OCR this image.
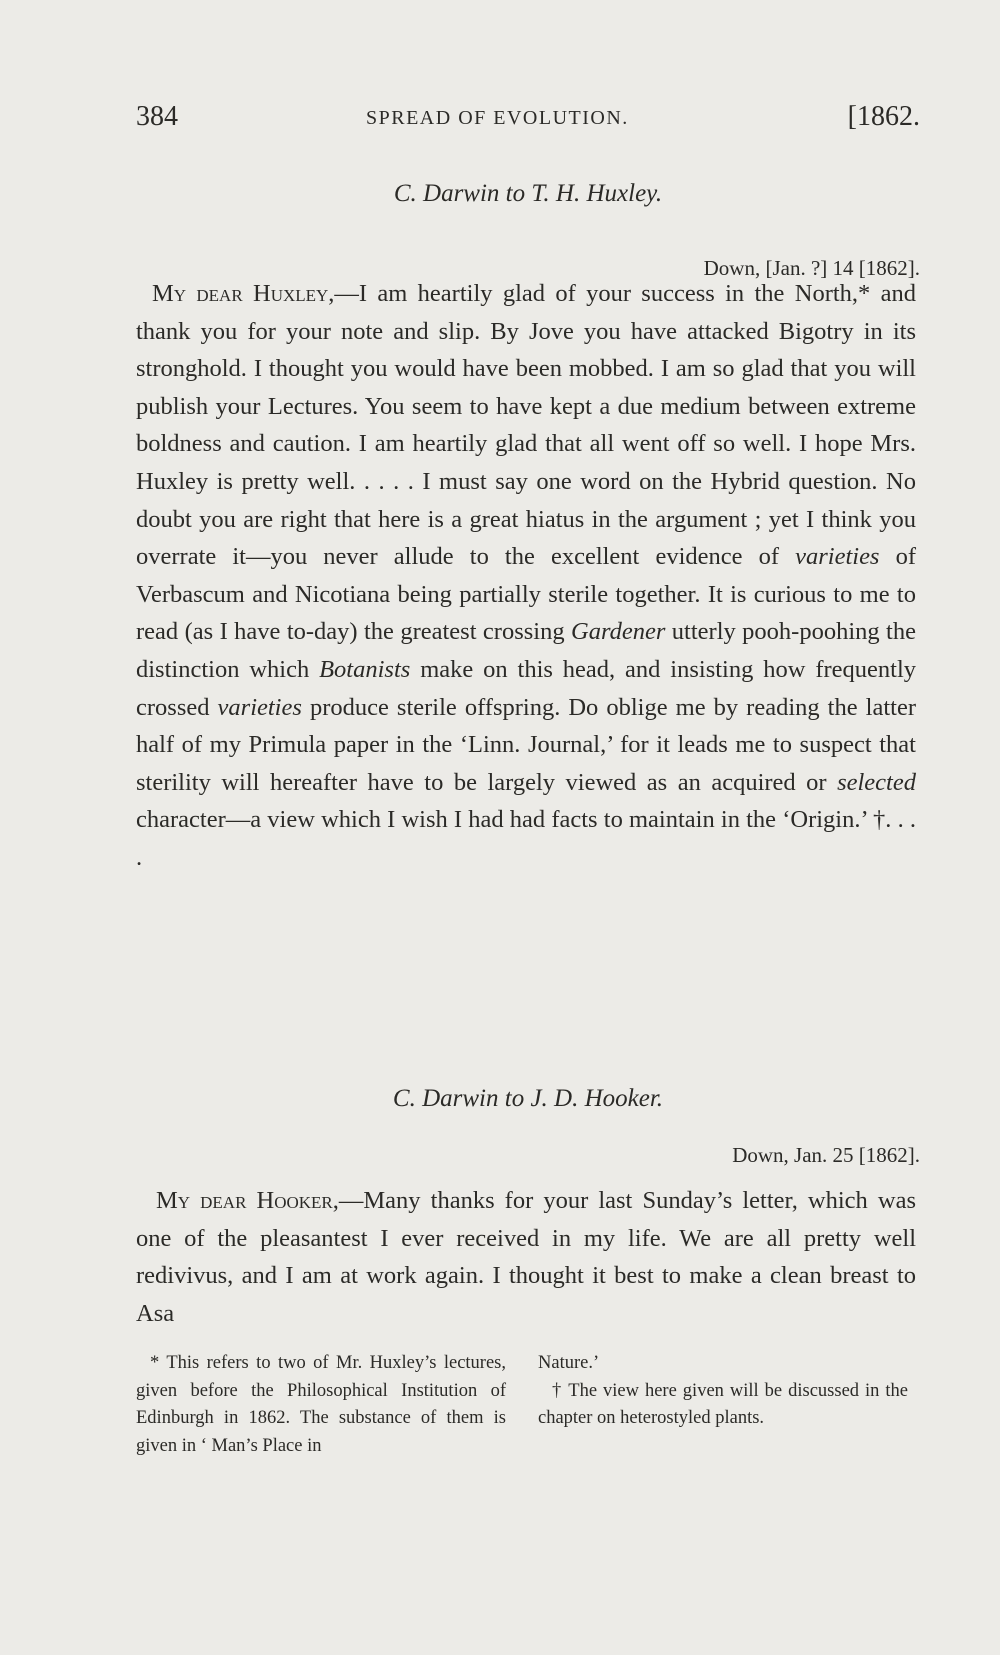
384	SPREAD OF EVOLUTION.	[1862.
C. Darwin to T. H. Huxley.
Down, [Jan. ?] 14 [1862].
My dear Huxley,—I am heartily glad of your success in the North,* and thank you for your note and slip. By Jove you have attacked Bigotry in its stronghold. I thought you would have been mobbed. I am so glad that you will publish your Lectures. You seem to have kept a due medium between extreme boldness and caution. I am heartily glad that all went off so well. I hope Mrs. Huxley is pretty well. . . . . I must say one word on the Hybrid question. No doubt you are right that here is a great hiatus in the argument ; yet I think you overrate it—you never allude to the excellent evidence of varieties of Verbascum and Nicotiana being partially sterile together. It is curious to me to read (as I have to-day) the greatest crossing Gardener utterly pooh-poohing the distinction which Botanists make on this head, and insisting how frequently crossed varieties produce sterile offspring. Do oblige me by reading the latter half of my Primula paper in the ‘Linn. Journal,’ for it leads me to suspect that sterility will hereafter have to be largely viewed as an acquired or selected character—a view which I wish I had had facts to maintain in the ‘Origin.’ †. . . .
C. Darwin to J. D. Hooker.
Down, Jan. 25 [1862].
My dear Hooker,—Many thanks for your last Sunday’s letter, which was one of the pleasantest I ever received in my life. We are all pretty well redivivus, and I am at work again. I thought it best to make a clean breast to Asa
* This refers to two of Mr. Huxley’s lectures, given before the Philosophical Institution of Edinburgh in 1862. The substance of them is given in ‘ Man’s Place in
Nature.’
† The view here given will be discussed in the chapter on heterostyled plants.
